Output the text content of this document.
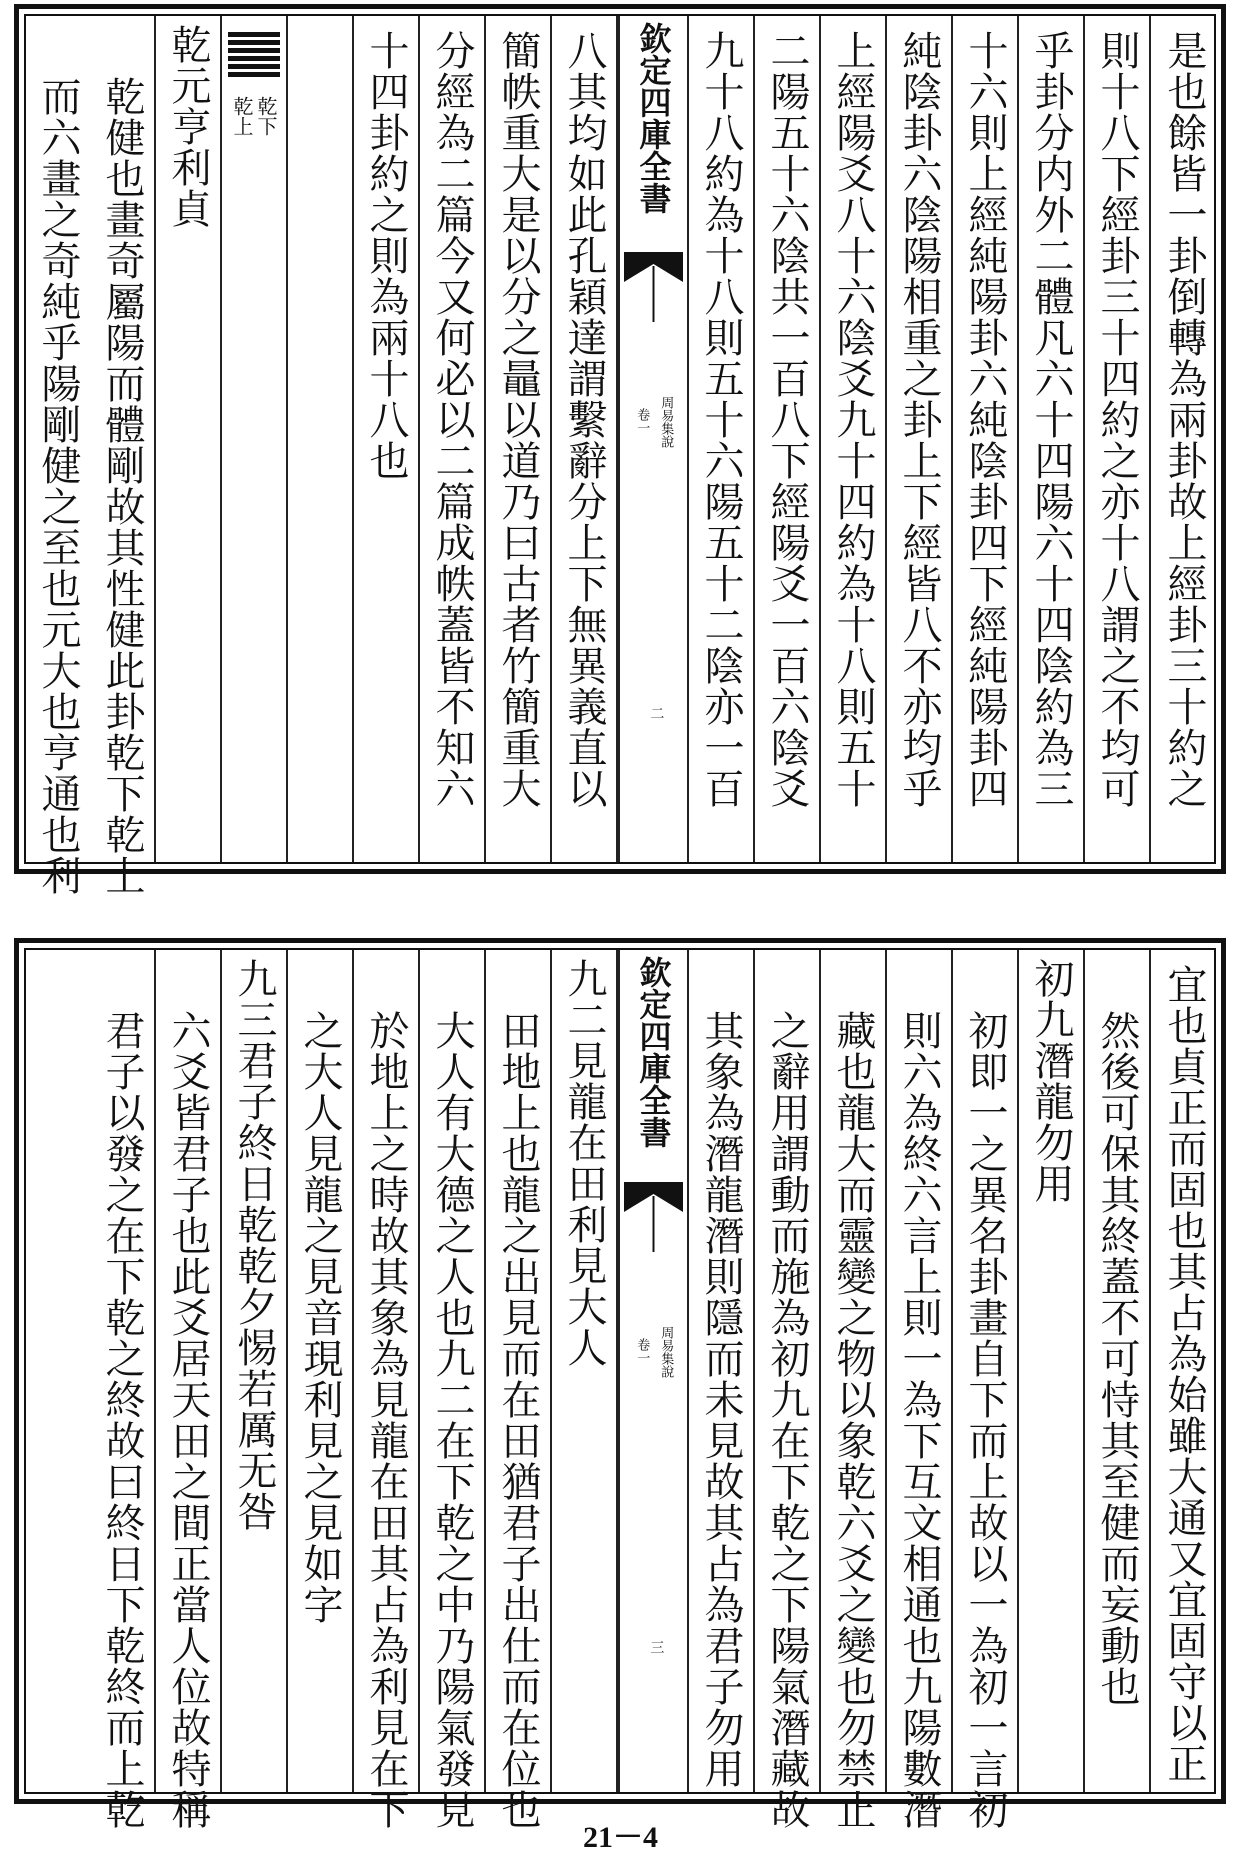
是也餘皆一卦倒轉為兩卦故上經卦三十約之
則十八下經卦三十四約之亦十八謂之不均可
乎卦分内外二體凡六十四陽六十四陰約為三
十六則上經純陽卦六純陰卦四下經純陽卦四
純陰卦六陰陽相重之卦上下經皆八不亦均乎
上經陽爻八十六陰爻九十四約為十八則五十
二陽五十六陰共一百八下經陽爻一百六陰爻
九十八約為十八則五十六陽五十二陰亦一百
欽定四庫全書
周易集說
卷一
二
八其均如此孔穎達謂繫辭分上下無異義直以
簡帙重大是以分之鼂以道乃曰古者竹簡重大
分經為二篇今又何必以二篇成帙蓋皆不知六
十四卦約之則為兩十八也
乾下
乾上
乾元亨利貞
乾健也畫奇屬陽而體剛故其性健此卦乾下乾上
而六畫之奇純乎陽剛健之至也元大也亨通也利
宜也貞正而固也其占為始雖大通又宜固守以正
然後可保其終蓋不可恃其至健而妄動也
初九潛龍勿用
初即一之異名卦畫自下而上故以一為初一言初
則六為終六言上則一為下互文相通也九陽數潛
藏也龍大而靈變之物以象乾六爻之變也勿禁止
之辭用謂動而施為初九在下乾之下陽氣潛藏故
其象為潛龍潛則隱而未見故其占為君子勿用
欽定四庫全書
周易集說
卷一
三
九二見龍在田利見大人
田地上也龍之出見而在田猶君子出仕而在位也
大人有大德之人也九二在下乾之中乃陽氣發見
於地上之時故其象為見龍在田其占為利見在下
之大人見龍之見音現利見之見如字
九三君子終日乾乾夕惕若厲无咎
六爻皆君子也此爻居天田之間正當人位故特稱
君子以發之在下乾之終故曰終日下乾終而上乾
21－4
